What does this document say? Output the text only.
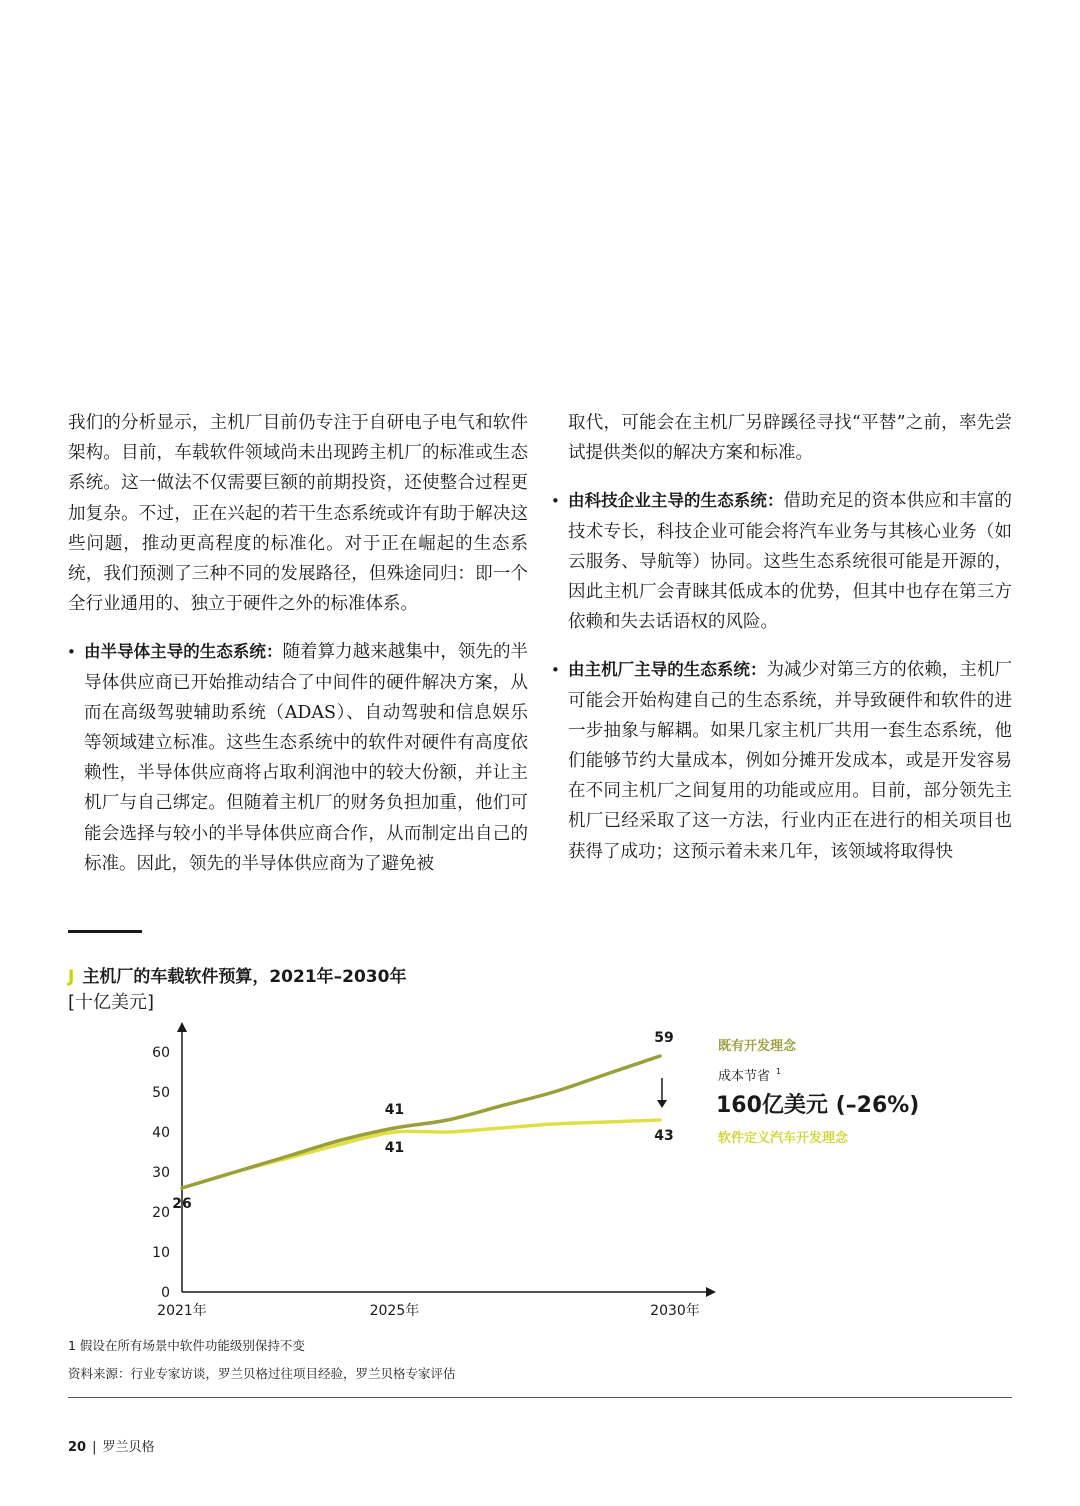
我们的分析显示，主机厂目前仍专注于自研电子电气和软件架构。目前，车载软件领域尚未出现跨主机厂的标准或生态系统。这一做法不仅需要巨额的前期投资，还使整合过程更加复杂。不过，正在兴起的若干生态系统或许有助于解决这些问题，推动更高程度的标准化。对于正在崛起的生态系统，我们预测了三种不同的发展路径，但殊途同归：即一个全行业通用的、独立于硬件之外的标准体系。

• 由半导体主导的生态系统：随着算力越来越集中，领先的半导体供应商已开始推动结合了中间件的硬件解决方案，从而在高级驾驶辅助系统（ADAS）、自动驾驶和信息娱乐等领域建立标准。这些生态系统中的软件对硬件有高度依赖性，半导体供应商将占取利润池中的较大份额，并让主机厂与自己绑定。但随着主机厂的财务负担加重，他们可能会选择与较小的半导体供应商合作，从而制定出自己的标准。因此，领先的半导体供应商为了避免被

取代，可能会在主机厂另辟蹊径寻找“平替”之前，率先尝试提供类似的解决方案和标准。

• 由科技企业主导的生态系统：借助充足的资本供应和丰富的技术专长，科技企业可能会将汽车业务与其核心业务（如云服务、导航等）协同。这些生态系统很可能是开源的，因此主机厂会青睐其低成本的优势，但其中也存在第三方依赖和失去话语权的风险。

• 由主机厂主导的生态系统：为减少对第三方的依赖，主机厂可能会开始构建自己的生态系统，并导致硬件和软件的进一步抽象与解耦。如果几家主机厂共用一套生态系统，他们能够节约大量成本，例如分摊开发成本，或是开发容易在不同主机厂之间复用的功能或应用。目前，部分领先主机厂已经采取了这一方法，行业内正在进行的相关项目也获得了成功；这预示着未来几年，该领域将取得快

J 主机厂的车载软件预算，2021年–2030年
[十亿美元]
0
10
20
30
40
50
60
2021年	2025年	2030年
26
41
59
41
43
既有开发理念
软件定义汽车开发理念
成本节省 1
160亿美元 (–26%)
1 假设在所有场景中软件功能级别保持不变
资料来源：行业专家访谈，罗兰贝格过往项目经验，罗兰贝格专家评估
20 | 罗兰贝格
